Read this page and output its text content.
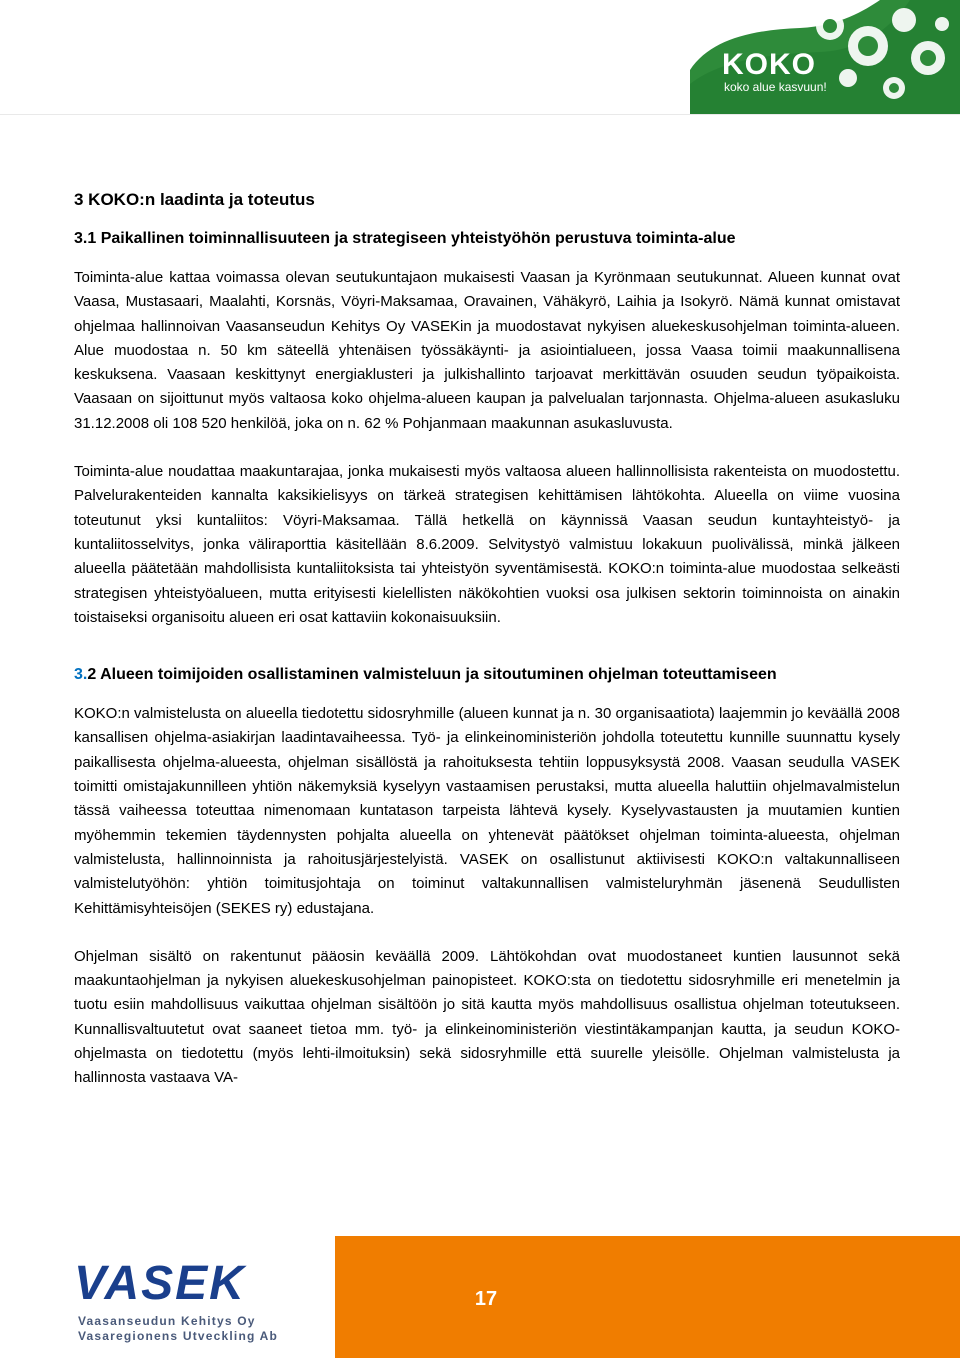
KOKO
koko alue kasvuun!
3 KOKO:n laadinta ja toteutus
3.1 Paikallinen toiminnallisuuteen ja strategiseen yhteistyöhön perustuva toiminta-alue

Toiminta-alue kattaa voimassa olevan seutukuntajaon mukaisesti Vaasan ja Kyrönmaan seutukunnat. Alueen kunnat ovat Vaasa, Mustasaari, Maalahti, Korsnäs, Vöyri-Maksamaa, Oravainen, Vähäkyrö, Laihia ja Isokyrö. Nämä kunnat omistavat ohjelmaa hallinnoivan Vaasanseudun Kehitys Oy VASEKin ja muodostavat nykyisen aluekeskusohjelman toiminta-alueen. Alue muodostaa n. 50 km säteellä yhtenäisen työssäkäynti- ja asiointialueen, jossa Vaasa toimii maakunnallisena keskuksena. Vaasaan keskittynyt energiaklusteri ja julkishallinto tarjoavat merkittävän osuuden seudun työpaikoista. Vaasaan on sijoittunut myös valtaosa koko ohjelma-alueen kaupan ja palvelualan tarjonnasta. Ohjelma-alueen asukasluku 31.12.2008 oli 108 520 henkilöä, joka on n. 62 % Pohjanmaan maakunnan asukasluvusta.

Toiminta-alue noudattaa maakuntarajaa, jonka mukaisesti myös valtaosa alueen hallinnollisista rakenteista on muodostettu. Palvelurakenteiden kannalta kaksikielisyys on tärkeä strategisen kehittämisen lähtökohta. Alueella on viime vuosina toteutunut yksi kuntaliitos: Vöyri-Maksamaa. Tällä hetkellä on käynnissä Vaasan seudun kuntayhteistyö- ja kuntaliitosselvitys, jonka väliraporttia käsitellään 8.6.2009. Selvitystyö valmistuu lokakuun puolivälissä, minkä jälkeen alueella päätetään mahdollisista kuntaliitoksista tai yhteistyön syventämisestä. KOKO:n toiminta-alue muodostaa selkeästi strategisen yhteistyöalueen, mutta erityisesti kielellisten näkökohtien vuoksi osa julkisen sektorin toiminnoista on ainakin toistaiseksi organisoitu alueen eri osat kattaviin kokonaisuuksiin.

3.2 Alueen toimijoiden osallistaminen valmisteluun ja sitoutuminen ohjelman toteuttamiseen

KOKO:n valmistelusta on alueella tiedotettu sidosryhmille (alueen kunnat ja n. 30 organisaatiota) laajemmin jo keväällä 2008 kansallisen ohjelma-asiakirjan laadintavaiheessa. Työ- ja elinkeinoministeriön johdolla toteutettu kunnille suunnattu kysely paikallisesta ohjelma-alueesta, ohjelman sisällöstä ja rahoituksesta tehtiin loppusyksystä 2008. Vaasan seudulla VASEK toimitti omistajakunnilleen yhtiön näkemyksiä kyselyyn vastaamisen perustaksi, mutta alueella haluttiin ohjelmavalmistelun tässä vaiheessa toteuttaa nimenomaan kuntatason tarpeista lähtevä kysely. Kyselyvastausten ja muutamien kuntien myöhemmin tekemien täydennysten pohjalta alueella on yhtenevät päätökset ohjelman toiminta-alueesta, ohjelman valmistelusta, hallinnoinnista ja rahoitusjärjestelyistä. VASEK on osallistunut aktiivisesti KOKO:n valtakunnalliseen valmistelutyöhön: yhtiön toimitusjohtaja on toiminut valtakunnallisen valmisteluryhmän jäsenenä Seudullisten Kehittämisyhteisöjen (SEKES ry) edustajana.

Ohjelman sisältö on rakentunut pääosin keväällä 2009. Lähtökohdan ovat muodostaneet kuntien lausunnot sekä maakuntaohjelman ja nykyisen aluekeskusohjelman painopisteet. KOKO:sta on tiedotettu sidosryhmille eri menetelmin ja tuotu esiin mahdollisuus vaikuttaa ohjelman sisältöön jo sitä kautta myös mahdollisuus osallistua ohjelman toteutukseen. Kunnallisvaltuutetut ovat saaneet tietoa mm. työ- ja elinkeinoministeriön viestintäkampanjan kautta, ja seudun KOKO-ohjelmasta on tiedotettu (myös lehti-ilmoituksin) sekä sidosryhmille että suurelle yleisölle. Ohjelman valmistelusta ja hallinnosta vastaava VA-

VASEK
Vaasanseudun Kehitys Oy
Vasaregionens Utveckling Ab
17
